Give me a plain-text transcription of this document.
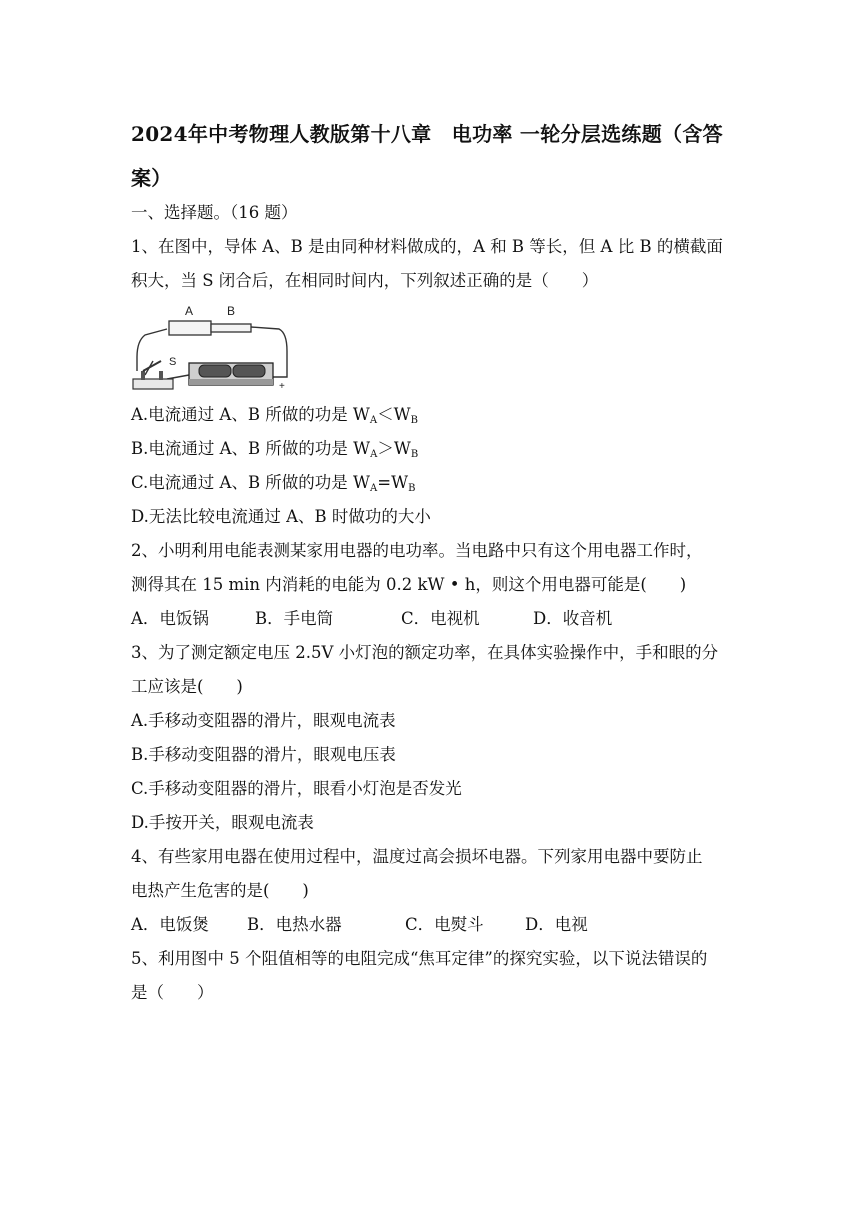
2024年中考物理人教版第十八章　电功率 一轮分层选练题（含答案）
一、选择题。（16 题）
1、在图中，导体 A、B 是由同种材料做成的，A 和 B 等长，但 A 比 B 的横截面
积大，当 S 闭合后，在相同时间内，下列叙述正确的是（　　）
A	B
S
+
A.电流通过 A、B 所做的功是 $W_A<W_B$
B.电流通过 A、B 所做的功是 $W_A>W_B$
C.电流通过 A、B 所做的功是 $W_A=W_B$
D.无法比较电流通过 A、B 时做功的大小
2、小明利用电能表测某家用电器的电功率。当电路中只有这个用电器工作时，
测得其在 15 min 内消耗的电能为 0.2 kW • h，则这个用电器可能是(　　)
A．电饭锅	B．手电筒	C．电视机	D．收音机
3、为了测定额定电压 2.5V 小灯泡的额定功率，在具体实验操作中，手和眼的分
工应该是(　　)
A.手移动变阻器的滑片，眼观电流表
B.手移动变阻器的滑片，眼观电压表
C.手移动变阻器的滑片，眼看小灯泡是否发光
D.手按开关，眼观电流表
4、有些家用电器在使用过程中，温度过高会损坏电器。下列家用电器中要防止
电热产生危害的是(　　)
A．电饭煲 B．电热水器	C．电熨斗	D．电视
5、利用图中 5 个阻值相等的电阻完成“焦耳定律”的探究实验，以下说法错误的
是（　　）
